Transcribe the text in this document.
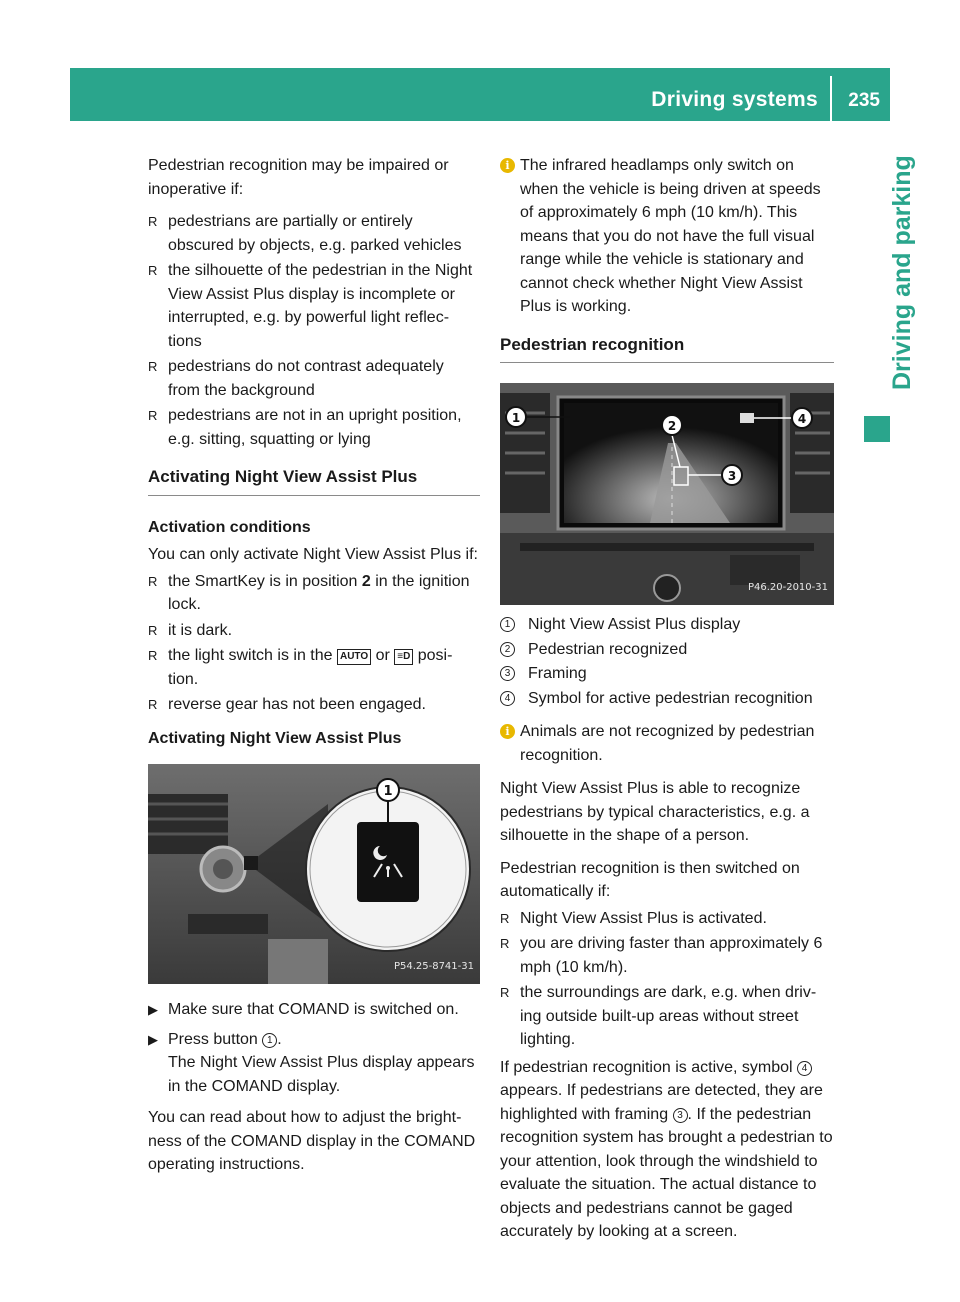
Driving systems 235
Driving and parking

Pedestrian recognition may be impaired or inoperative if:

R pedestrians are partially or entirely obscured by objects, e.g. parked vehicles
R the silhouette of the pedestrian in the Night View Assist Plus display is incomplete or interrupted, e.g. by powerful light reflec- tions
R pedestrians do not contrast adequately from the background
R pedestrians are not in an upright position, e.g. sitting, squatting or lying
Activating Night View Assist Plus
Activation conditions

You can only activate Night View Assist Plus if:

R the SmartKey is in position 2 in the ignition lock.
R it is dark.
R the light switch is in the AUTO or ≡D posi- tion.
R reverse gear has not been engaged.
Activating Night View Assist Plus
1
P54.25-8741-31
▶ Make sure that COMAND is switched on.
▶ Press button 1 .
The Night View Assist Plus display appears in the COMAND display.

You can read about how to adjust the bright- ness of the COMAND display in the COMAND operating instructions.

i The infrared headlamps only switch on when the vehicle is being driven at speeds of approximately 6 mph (10 km/h). This means that you do not have the full visual range while the vehicle is stationary and cannot check whether Night View Assist Plus is working.
Pedestrian recognition
1
2
3
4
P46.20-2010-31
1 Night View Assist Plus display
2 Pedestrian recognized
3 Framing
4 Symbol for active pedestrian recognition
i Animals are not recognized by pedestrian recognition.

Night View Assist Plus is able to recognize pedestrians by typical characteristics, e.g. a silhouette in the shape of a person.

Pedestrian recognition is then switched on automatically if:

R Night View Assist Plus is activated.
R you are driving faster than approximately 6 mph (10 km/h).
R the surroundings are dark, e.g. when driv- ing outside built-up areas without street lighting.

If pedestrian recognition is active, symbol 4 appears. If pedestrians are detected, they are highlighted with framing 3 . If the pedestrian recognition system has brought a pedestrian to your attention, look through the windshield to evaluate the situation. The actual distance to objects and pedestrians cannot be gaged accurately by looking at a screen.
